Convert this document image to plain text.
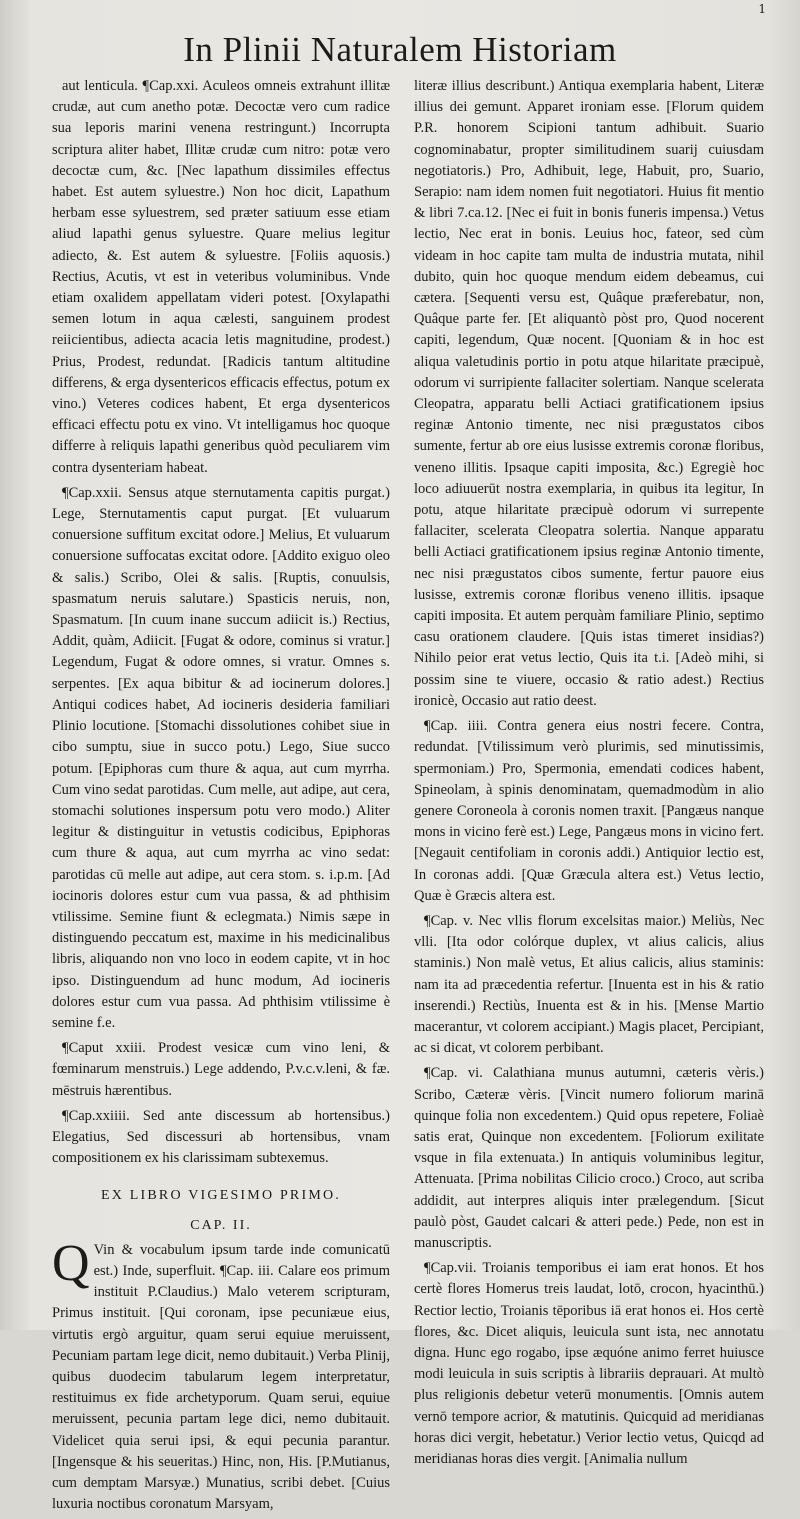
1
In Plinii Naturalem Historiam

aut lenticula. ¶Cap.xxi. Aculeos omneis extrahunt illitæ crudæ, aut cum anetho potæ. Decoctæ vero cum radice sua leporis marini venena restringunt.) Incorrupta scriptura aliter habet, Illitæ crudæ cum nitro: potæ vero decoctæ cum, &c. [Nec lapathum dissimiles effectus habet. Est autem syluestre.) Non hoc dicit, Lapathum herbam esse syluestrem, sed præter satiuum esse etiam aliud lapathi genus syluestre. Quare melius legitur adiecto, &. Est autem & syluestre. [Foliis aquosis.) Rectius, Acutis, vt est in veteribus voluminibus. Vnde etiam oxalidem appellatam videri potest. [Oxylapathi semen lotum in aqua cælesti, sanguinem prodest reiicientibus, adiecta acacia letis magnitudine, prodest.) Prius, Prodest, redundat. [Radicis tantum altitudine differens, & erga dysentericos efficacis effectus, potum ex vino.) Veteres codices habent, Et erga dysentericos efficaci effectu potu ex vino. Vt intelligamus hoc quoque differre à reliquis lapathi generibus quòd peculiarem vim contra dysenteriam habeat.

¶Cap.xxii. Sensus atque sternutamenta capitis purgat.) Lege, Sternutamentis caput purgat. [Et vuluarum conuersione suffitum excitat odore.] Melius, Et vuluarum conuersione suffocatas excitat odore. [Addito exiguo oleo & salis.) Scribo, Olei & salis. [Ruptis, conuulsis, spasmatum neruis salutare.) Spasticis neruis, non, Spasmatum. [In cuum inane succum adiicit is.) Rectius, Addit, quàm, Adiicit. [Fugat & odore, cominus si vratur.] Legendum, Fugat & odore omnes, si vratur. Omnes s. serpentes. [Ex aqua bibitur & ad iocinerum dolores.] Antiqui codices habet, Ad iocineris desideria familiari Plinio locutione. [Stomachi dissolutiones cohibet siue in cibo sumptu, siue in succo potu.) Lego, Siue succo potum. [Epiphoras cum thure & aqua, aut cum myrrha. Cum vino sedat parotidas. Cum melle, aut adipe, aut cera, stomachi solutiones inspersum potu vero modo.) Aliter legitur & distinguitur in vetustis codicibus, Epiphoras cum thure & aqua, aut cum myrrha ac vino sedat: parotidas cū melle aut adipe, aut cera stom. s. i.p.m. [Ad iocinoris dolores estur cum vua passa, & ad phthisim vtilissime. Semine fiunt & eclegmata.) Nimis sæpe in distinguendo peccatum est, maxime in his medicinalibus libris, aliquando non vno loco in eodem capite, vt in hoc ipso. Distinguendum ad hunc modum, Ad iocineris dolores estur cum vua passa. Ad phthisim vtilissime è semine f.e.

¶Caput xxiii. Prodest vesicæ cum vino leni, & fœminarum menstruis.) Lege addendo, P.v.c.v.leni, & fæ. mēstruis hærentibus.

¶Cap.xxiiii. Sed ante discessum ab hortensibus.) Elegatius, Sed discessuri ab hortensibus, vnam compositionem ex his clarissimam subtexemus.

EX LIBRO VIGESIMO PRIMO.

CAP. II.

Q Vin & vocabulum ipsum tarde inde comunicatū est.) Inde, superfluit. ¶Cap. iii. Calare eos primum instituit P.Claudius.) Malo veterem scripturam, Primus instituit. [Qui coronam, ipse pecuniæue eius, virtutis ergò arguitur, quam serui equiue meruissent, Pecuniam partam lege dicit, nemo dubitauit.) Verba Plinij, quibus duodecim tabularum legem interpretatur, restituimus ex fide archetyporum. Quam serui, equiue meruissent, pecunia partam lege dici, nemo dubitauit. Videlicet quia serui ipsi, & equi pecunia parantur. [Ingensque & his seueritas.) Hinc, non, His. [P.Mutianus, cum demptam Marsyæ.) Munatius, scribi debet. [Cuius luxuria noctibus coronatum Marsyam,

literæ illius describunt.) Antiqua exemplaria habent, Literæ illius dei gemunt. Apparet ironiam esse. [Florum quidem P.R. honorem Scipioni tantum adhibuit. Suario cognominabatur, propter similitudinem suarij cuiusdam negotiatoris.) Pro, Adhibuit, lege, Habuit, pro, Suario, Serapio: nam idem nomen fuit negotiatori. Huius fit mentio & libri 7.ca.12. [Nec ei fuit in bonis funeris impensa.) Vetus lectio, Nec erat in bonis. Leuius hoc, fateor, sed cùm videam in hoc capite tam multa de industria mutata, nihil dubito, quin hoc quoque mendum eidem debeamus, cui cætera. [Sequenti versu est, Quâque præferebatur, non, Quâque parte fer. [Et aliquantò pòst pro, Quod nocerent capiti, legendum, Quæ nocent. [Quoniam & in hoc est aliqua valetudinis portio in potu atque hilaritate præcipuè, odorum vi surripiente fallaciter solertiam. Nanque scelerata Cleopatra, apparatu belli Actiaci gratificationem ipsius reginæ Antonio timente, nec nisi prægustatos cibos sumente, fertur ab ore eius lusisse extremis coronæ floribus, veneno illitis. Ipsaque capiti imposita, &c.) Egregiè hoc loco adiuuerūt nostra exemplaria, in quibus ita legitur, In potu, atque hilaritate præcipuè odorum vi surrepente fallaciter, scelerata Cleopatra solertia. Nanque apparatu belli Actiaci gratificationem ipsius reginæ Antonio timente, nec nisi prægustatos cibos sumente, fertur pauore eius lusisse, extremis coronæ floribus veneno illitis. ipsaque capiti imposita. Et autem perquàm familiare Plinio, septimo casu orationem claudere. [Quis istas timeret insidias?) Nihilo peior erat vetus lectio, Quis ita t.i. [Adeò mihi, si possim sine te viuere, occasio & ratio adest.) Rectius ironicè, Occasio aut ratio deest.

¶Cap. iiii. Contra genera eius nostri fecere. Contra, redundat. [Vtilissimum verò plurimis, sed minutissimis, spermoniam.) Pro, Spermonia, emendati codices habent, Spineolam, à spinis denominatam, quemadmodùm in alio genere Coroneola à coronis nomen traxit. [Pangæus nanque mons in vicino ferè est.) Lege, Pangæus mons in vicino fert. [Negauit centifoliam in coronis addi.) Antiquior lectio est, In coronas addi. [Quæ Græcula altera est.) Vetus lectio, Quæ è Græcis altera est.

¶Cap. v. Nec vllis florum excelsitas maior.) Meliùs, Nec vlli. [Ita odor colórque duplex, vt alius calicis, alius staminis.) Non malè vetus, Et alius calicis, alius staminis: nam ita ad præcedentia refertur. [Inuenta est in his & ratio inserendi.) Rectiùs, Inuenta est & in his. [Mense Martio macerantur, vt colorem accipiant.) Magis placet, Percipiant, ac si dicat, vt colorem perbibant.

¶Cap. vi. Calathiana munus autumni, cæteris vèris.) Scribo, Cæteræ vèris. [Vincit numero foliorum marinā quinque folia non excedentem.) Quid opus repetere, Foliaè satis erat, Quinque non excedentem. [Foliorum exilitate vsque in fila extenuata.) In antiquis voluminibus legitur, Attenuata. [Prima nobilitas Cilicio croco.) Croco, aut scriba addidit, aut interpres aliquis inter prælegendum. [Sicut paulò pòst, Gaudet calcari & atteri pede.) Pede, non est in manuscriptis.

¶Cap.vii. Troianis temporibus ei iam erat honos. Et hos certè flores Homerus treis laudat, lotō, crocon, hyacinthū.) Rectior lectio, Troianis tēporibus iā erat honos ei. Hos certè flores, &c. Dicet aliquis, leuicula sunt ista, nec annotatu digna. Hunc ego rogabo, ipse æquóne animo ferret huiusce modi leuicula in suis scriptis à librariis deprauari. At multò plus religionis debetur veterū monumentis. [Omnis autem vernō tempore acrior, & matutinis. Quicquid ad meridianas horas dici vergit, hebetatur.) Verior lectio vetus, Quicqd ad meridianas horas dies vergit. [Animalia nullum
